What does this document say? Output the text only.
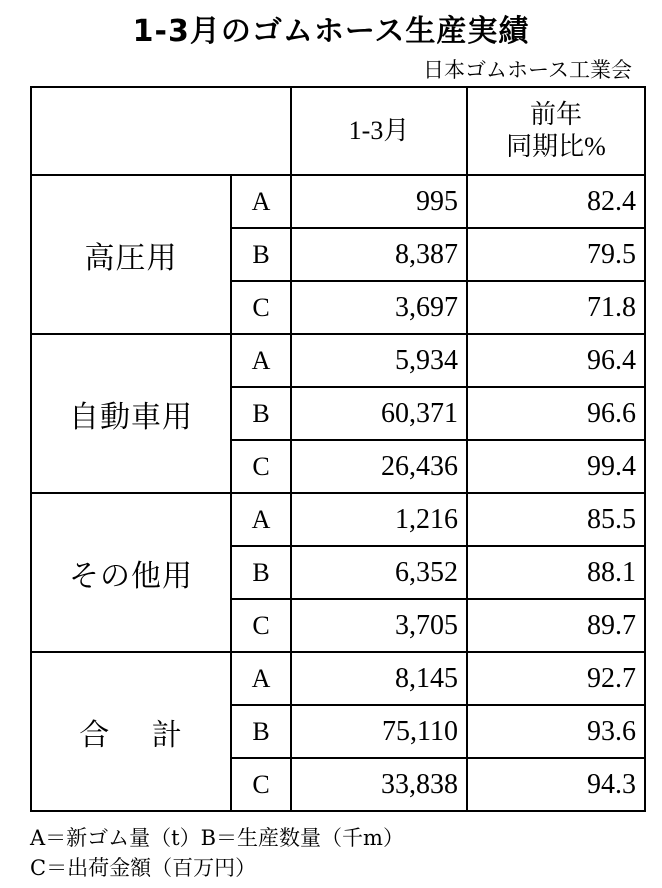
1-3月のゴムホース生産実績
日本ゴムホース工業会
		1-3月	前年
同期比%

高圧用	A	995	82.4
	B	8,387	79.5
	C	3,697	71.8
自動車用	A	5,934	96.4
	B	60,371	96.6
	C	26,436	99.4
その他用	A	1,216	85.5
	B	6,352	88.1
	C	3,705	89.7
合　 計	A	8,145	92.7
	B	75,110	93.6
	C	33,838	94.3
A＝新ゴム量（t）B＝生産数量（千m）
C＝出荷金額（百万円）
